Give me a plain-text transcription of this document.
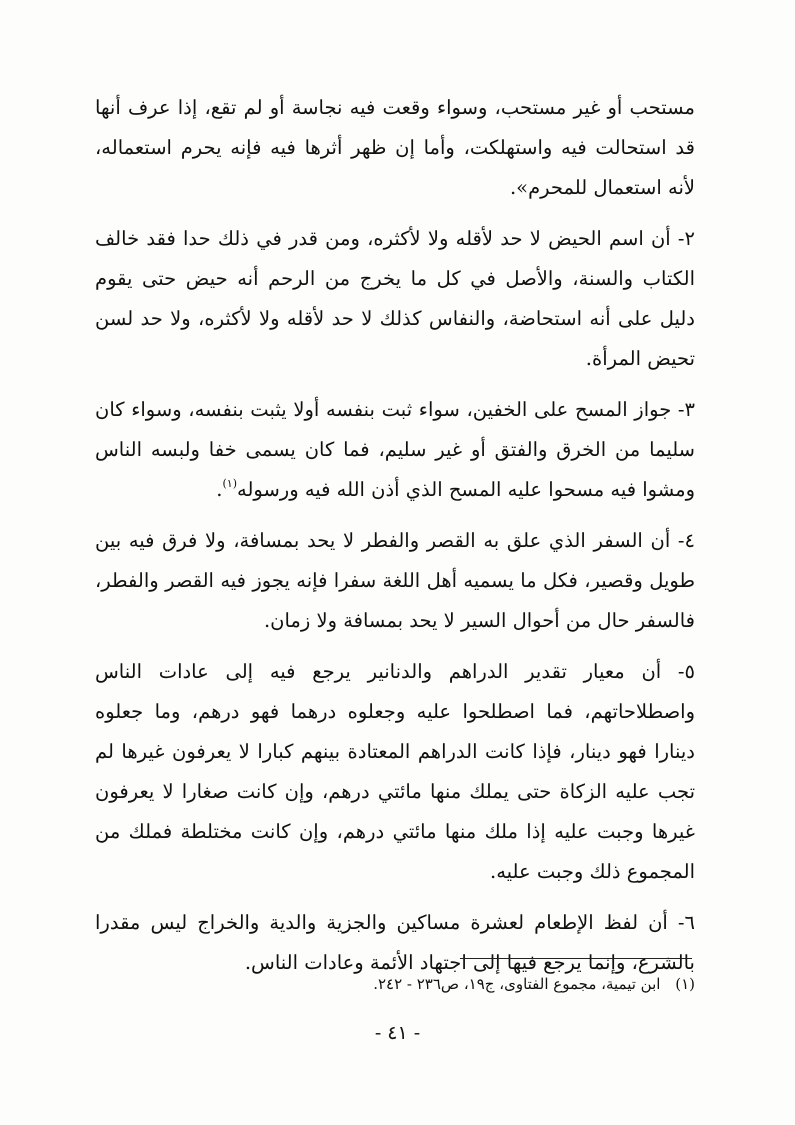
مستحب أو غير مستحب، وسواء وقعت فيه نجاسة أو لم تقع، إذا عرف أنها قد استحالت فيه واستهلكت، وأما إن ظهر أثرها فيه فإنه يحرم استعماله، لأنه استعمال للمحرم».

٢- أن اسم الحيض لا حد لأقله ولا لأكثره، ومن قدر في ذلك حدا فقد خالف الكتاب والسنة، والأصل في كل ما يخرج من الرحم أنه حيض حتى يقوم دليل على أنه استحاضة، والنفاس كذلك لا حد لأقله ولا لأكثره، ولا حد لسن تحيض المرأة.

٣- جواز المسح على الخفين، سواء ثبت بنفسه أولا يثبت بنفسه، وسواء كان سليما من الخرق والفتق أو غير سليم، فما كان يسمى خفا ولبسه الناس ومشوا فيه مسحوا عليه المسح الذي أذن الله فيه ورسوله$^{(١)}$.

٤- أن السفر الذي علق به القصر والفطر لا يحد بمسافة، ولا فرق فيه بين طويل وقصير، فكل ما يسميه أهل اللغة سفرا فإنه يجوز فيه القصر والفطر، فالسفر حال من أحوال السير لا يحد بمسافة ولا زمان.

٥- أن معيار تقدير الدراهم والدنانير يرجع فيه إلى عادات الناس واصطلاحاتهم، فما اصطلحوا عليه وجعلوه درهما فهو درهم، وما جعلوه دينارا فهو دينار، فإذا كانت الدراهم المعتادة بينهم كبارا لا يعرفون غيرها لم تجب عليه الزكاة حتى يملك منها مائتي درهم، وإن كانت صغارا لا يعرفون غيرها وجبت عليه إذا ملك منها مائتي درهم، وإن كانت مختلطة فملك من المجموع ذلك وجبت عليه.

٦- أن لفظ الإطعام لعشرة مساكين والجزية والدية والخراج ليس مقدرا بالشرع، وإنما يرجع فيها إلى اجتهاد الأئمة وعادات الناس.

(١) ابن تيمية، مجموع الفتاوى، ج١٩، ص٢٣٦ - ٢٤٢.
- ٤١ -
